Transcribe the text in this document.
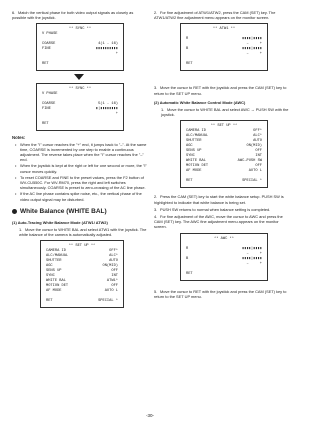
6. Match the vertical phase for both video output signals as closely as possible with the joystick.
** SYNC **
V PHASE
COARSE	4(1 - 16)
FINE	▮▮▮▮▮▮▮▮▮▮
+
RET
** SYNC **
V PHASE
COARSE	5(1 - 16)
FINE	▮|▮▮▮▮▮▮▮▮
+
RET
Notes:
• When the "I" cursor reaches the "+" end, it jumps back to "–". At the same time, COARSE is incremented by one step to enable a continuous adjustment. The reverse takes place when the "I" cursor reaches the "–" end.
• When the joystick is kept at the right or left for one second or more, the "I" cursor moves quickly.
• To reset COARSE and FINE to the preset values, press the F2 button of WV-CU550C. For WV-RM70, press the right and left switches simultaneously. COARSE is preset to zero-crossing of the AC line phase.
• If the AC line phase contains spike noise, etc., the vertical phase of the video output signal may be disturbed.
White Balance (WHITE BAL)
(1) Auto-Tracing White Balance Mode (ATW1/ ATW2)
1. Move the cursor to WHITE BAL and select ATW1 with the joystick. The white balance of the camera is automatically adjusted.
** SET UP **
CAMERA ID	OFF*
ALC/MANUAL	ALC*
SHUTTER	AUTO
AGC	ON(MID)
SENS UP	OFF
SYNC	INT
WHITE BAL	ATW1*
MOTION DET	OFF
AF MODE	AUTO L
RET	SPECIAL *
2. For fine adjustment of ATW1/ATW2, press the CAM (SET) key. The ATW1/ATW2 fine adjustment menu appears on the monitor screen.
** ATW1 **
R	▮▮▮▮|▮▮▮▮
–     +
B	▮▮▮▮|▮▮▮▮
–     +
RET
3. Move the cursor to RET with the joystick and press the CAM (SET) key to return to the SET UP menu.
(2) Automatic White Balance Control Mode (AWC)
1. Move the cursor to WHITE BAL and select AWC → PUSH SW with the joystick.
** SET UP **
CAMERA ID	OFF*
ALC/MANUAL	ALC*
SHUTTER	AUTO
AGC	ON(MID)
SENS UP	OFF
SYNC	INT
WHITE BAL	AWC→PUSH SW
MOTION DET	OFF
AF MODE	AUTO L
RET	SPECIAL *
2. Press the CAM (SET) key to start the white balance setup. PUSH SW is highlighted to indicate that white balance is being set.
3. PUSH SW returns to normal when balance setting is completed.
4. For fine adjustment of the AWC, move the cursor to AWC and press the CAM (SET) key. The AWC fine adjustment menu appears on the monitor screen.
** AWC **
R	▮▮▮▮|▮▮▮▮
–     +
B	▮▮▮▮|▮▮▮▮
–     +
RET
5. Move the cursor to RET with the joystick and press the CAM (SET) key to return to the SET UP menu.
-30-
